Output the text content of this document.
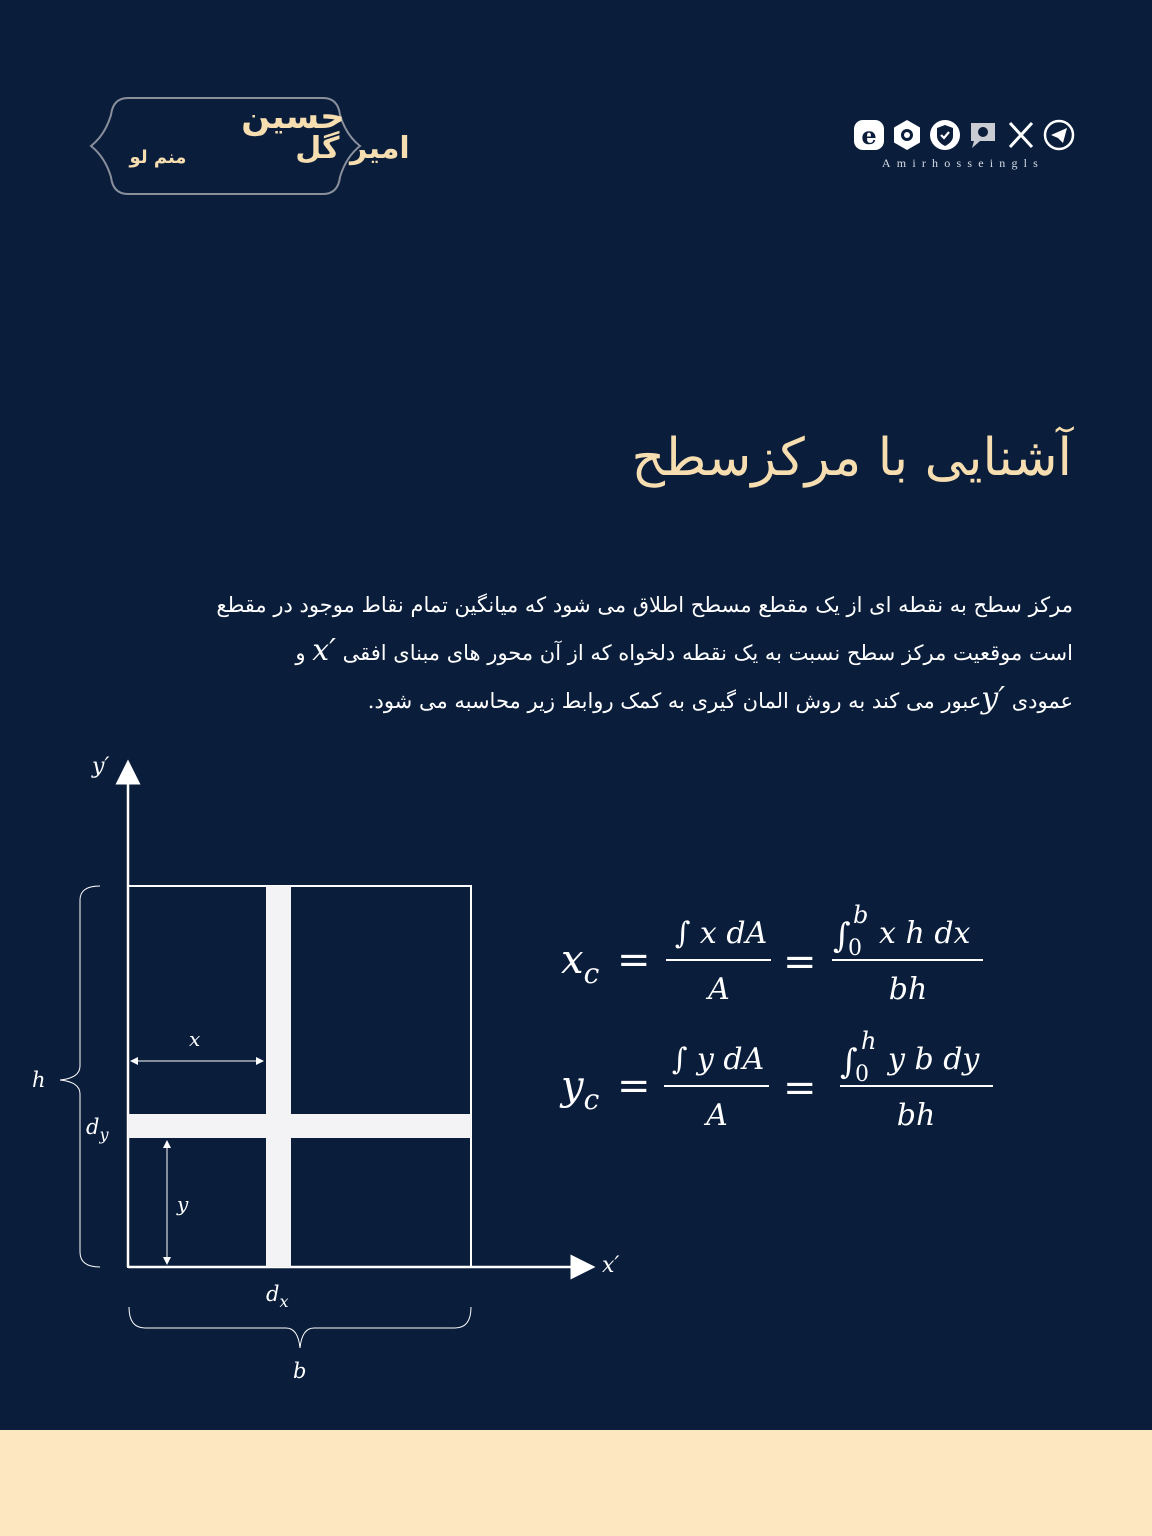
حسین
امیر گل
منم لو
e
Amirhosseingls
آشنایی با مرکزسطح
مرکز سطح به نقطه ای از یک مقطع مسطح اطلاق می شود که میانگین تمام نقاط موجود در مقطع
است موقعیت مرکز سطح نسبت به یک نقطه دلخواه که از آن محور های مبنای افقی x′ و
عمودی y′عبور می کند به روش المان گیری به کمک روابط زیر محاسبه می شود.
y′
x′
x
y
h
$d_y$
$d_x$
b
$x_c$ =
∫ x dA
A
=
∫
b
0 x h dx
bh
$y_c$ =
∫ y dA
A
=
∫
h
0 y b dy
bh
